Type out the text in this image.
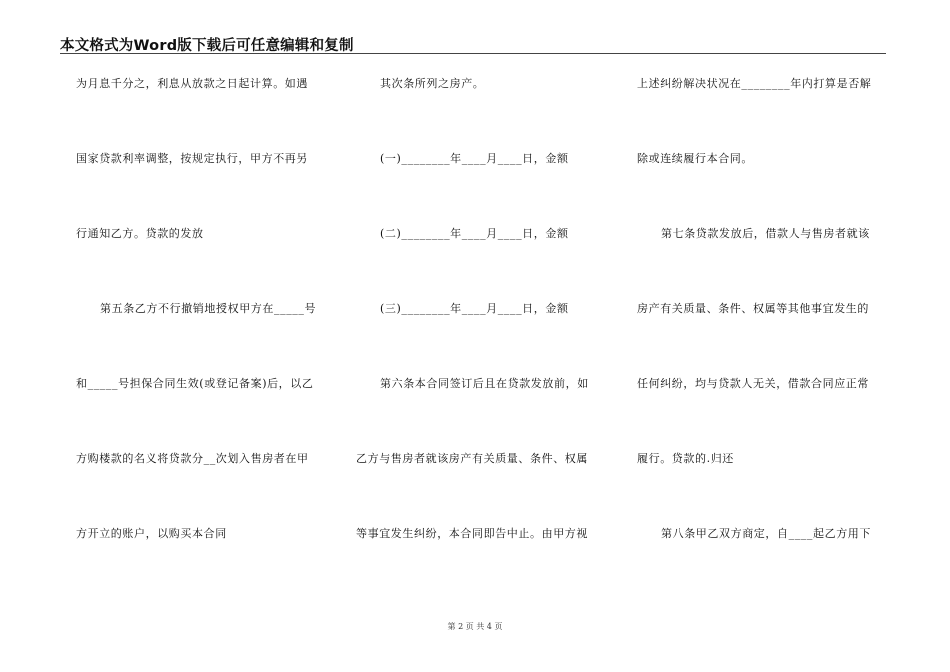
本文格式为Word版下载后可任意编辑和复制
为月息千分之，利息从放款之日起计算。如遇
国家贷款利率调整，按规定执行，甲方不再另
行通知乙方。贷款的发放
第五条乙方不行撤销地授权甲方在_____号
和_____号担保合同生效(或登记备案)后，以乙
方购楼款的名义将贷款分__次划入售房者在甲
方开立的账户，以购买本合同
其次条所列之房产。
(一)________年____月____日，金额
(二)________年____月____日，金额
(三)________年____月____日，金额
第六条本合同签订后且在贷款发放前，如
乙方与售房者就该房产有关质量、条件、权属
等事宜发生纠纷，本合同即告中止。由甲方视
上述纠纷解决状况在________年内打算是否解
除或连续履行本合同。
第七条贷款发放后，借款人与售房者就该
房产有关质量、条件、权属等其他事宜发生的
任何纠纷，均与贷款人无关，借款合同应正常
履行。贷款的.归还
第八条甲乙双方商定，自____起乙方用下
第 2 页 共 4 页
